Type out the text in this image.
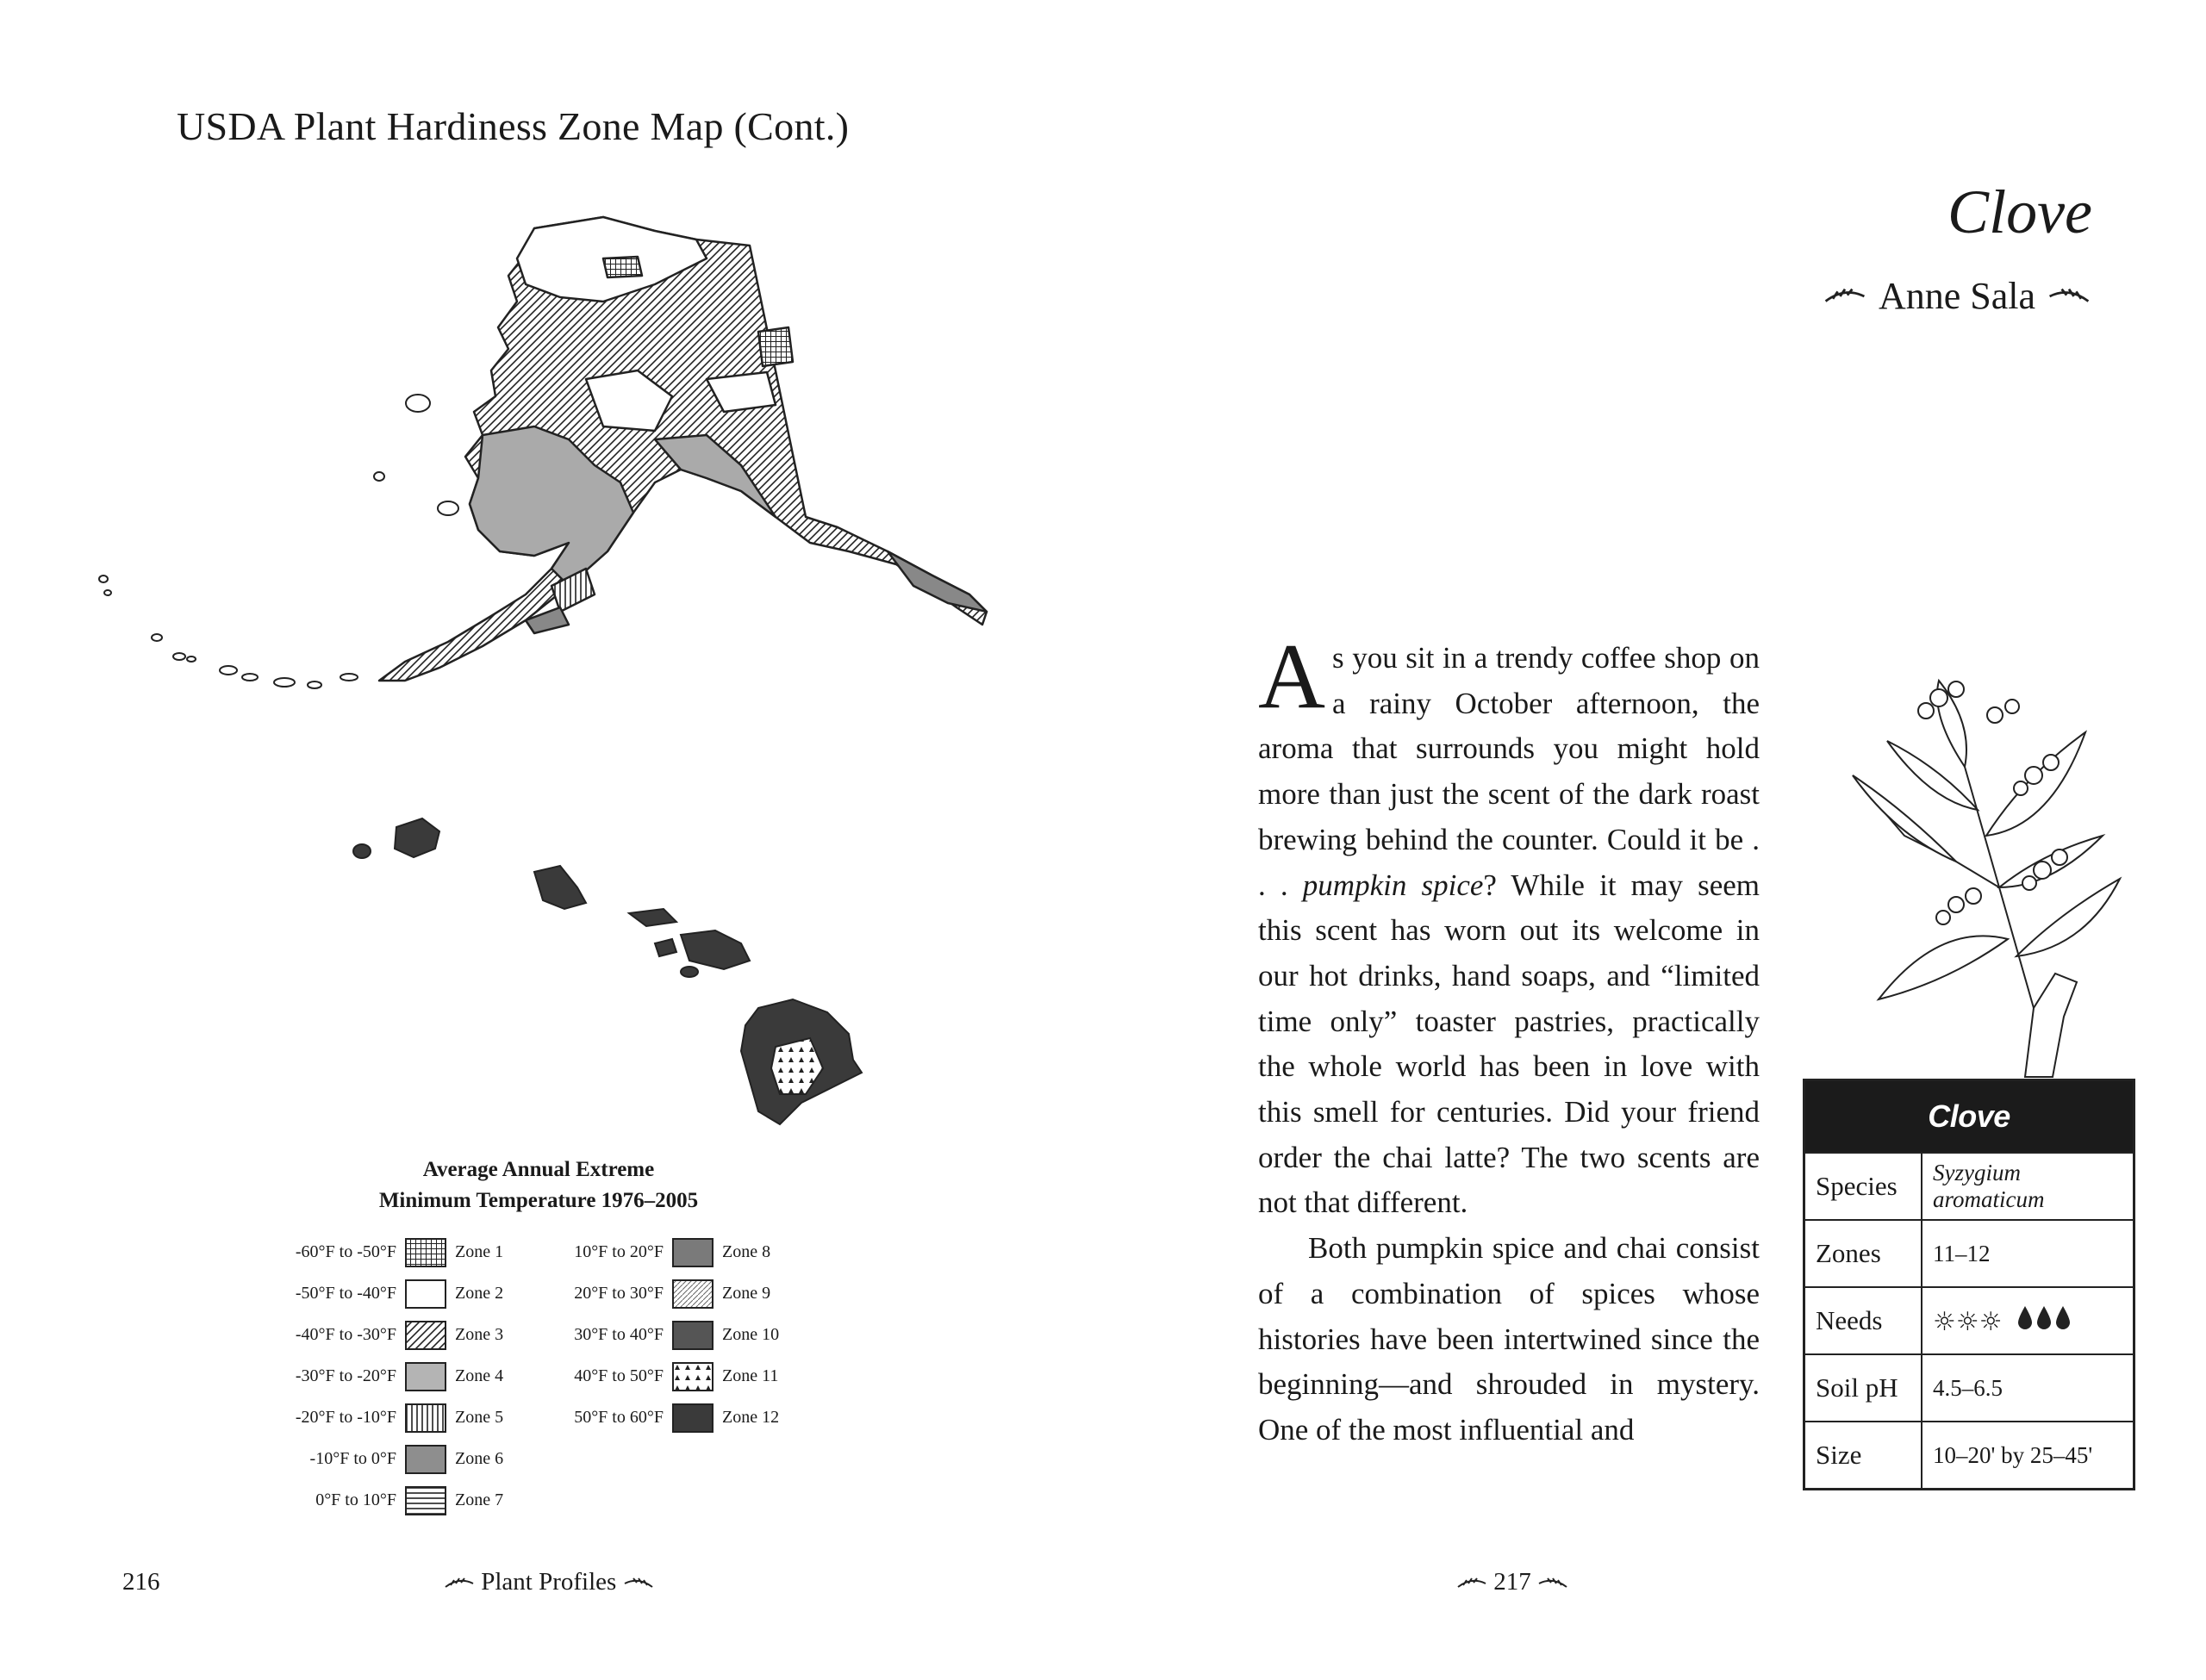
USDA Plant Hardiness Zone Map (Cont.)
Average Annual Extreme
Minimum Temperature 1976–2005
-60°F to -50°F	Zone 1
-50°F to -40°F	Zone 2
-40°F to -30°F	Zone 3
-30°F to -20°F	Zone 4
-20°F to -10°F	Zone 5
-10°F to 0°F	Zone 6
0°F to 10°F	Zone 7
10°F to 20°F	Zone 8
20°F to 30°F	Zone 9
30°F to 40°F	Zone 10
40°F to 50°F	Zone 11
50°F to 60°F	Zone 12
216	Plant Profiles
Clove
Anne Sala

As you sit in a trendy coffee shop on a rainy October afternoon, the aroma that surrounds you might hold more than just the scent of the dark roast brewing behind the counter. Could it be . . . pumpkin spice? While it may seem this scent has worn out its welcome in our hot drinks, hand soaps, and “limited time only” toaster pastries, practically the whole world has been in love with this smell for centuries. Did your friend order the chai latte? The two scents are not that different.

Both pumpkin spice and chai consist of a combination of spices whose histories have been intertwined since the beginning—and shrouded in mystery. One of the most influential and

Clove	
Species	Syzygium aromaticum
Zones	11–12
Needs	☼☼☼
Soil pH	4.5–6.5
Size	10–20' by 25–45'
217
